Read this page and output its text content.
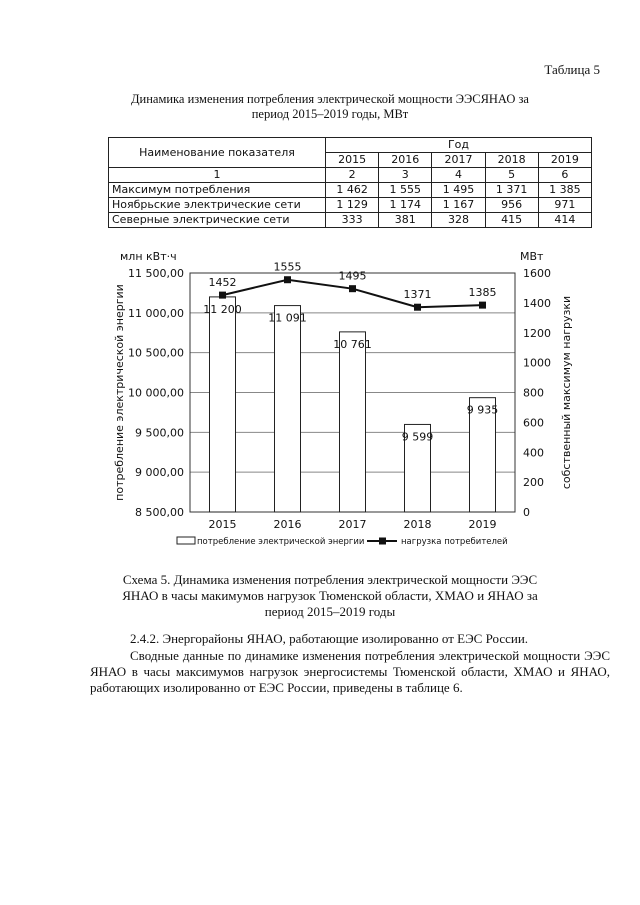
Таблица 5
Динамика изменения потребления электрической мощности ЭЭСЯНАО за
период 2015–2019 годы, МВт
Наименование показателя	Год				
	2015	2016	2017	2018	2019
1	2	3	4	5	6
Максимум потребления	1 462	1 555	1 495	1 371	1 385
Ноябрьские электрические сети	1 129	1 174	1 167	956	971
Северные электрические сети	333	381	328	415	414
11 500,00
11 000,00
10 500,00
10 000,00
9 500,00
9 000,00
8 500,00
1600
1400
1200
1000
800
600
400
200
0
млн кВт·ч	МВт
потребление электрической энергии	собственный максимум нагрузки
11 200
2015
11 091
2016
10 761
2017
9 599
2018
9 935
2019
1452
1555
1495
1371	1385
потребление электрической энергии	нагрузка потребителей
Схема 5. Динамика изменения потребления электрической мощности ЭЭС
ЯНАО в часы макимумов нагрузок Тюменской области, ХМАО и ЯНАО за
период 2015–2019 годы
2.4.2. Энергорайоны ЯНАО, работающие изолированно от ЕЭС России.
Сводные данные по динамике изменения потребления электрической мощности ЭЭС ЯНАО в часы максимумов нагрузок энергосистемы Тюменской области, ХМАО и ЯНАО, работающих изолированно от ЕЭС России, приведены в таблице 6.
